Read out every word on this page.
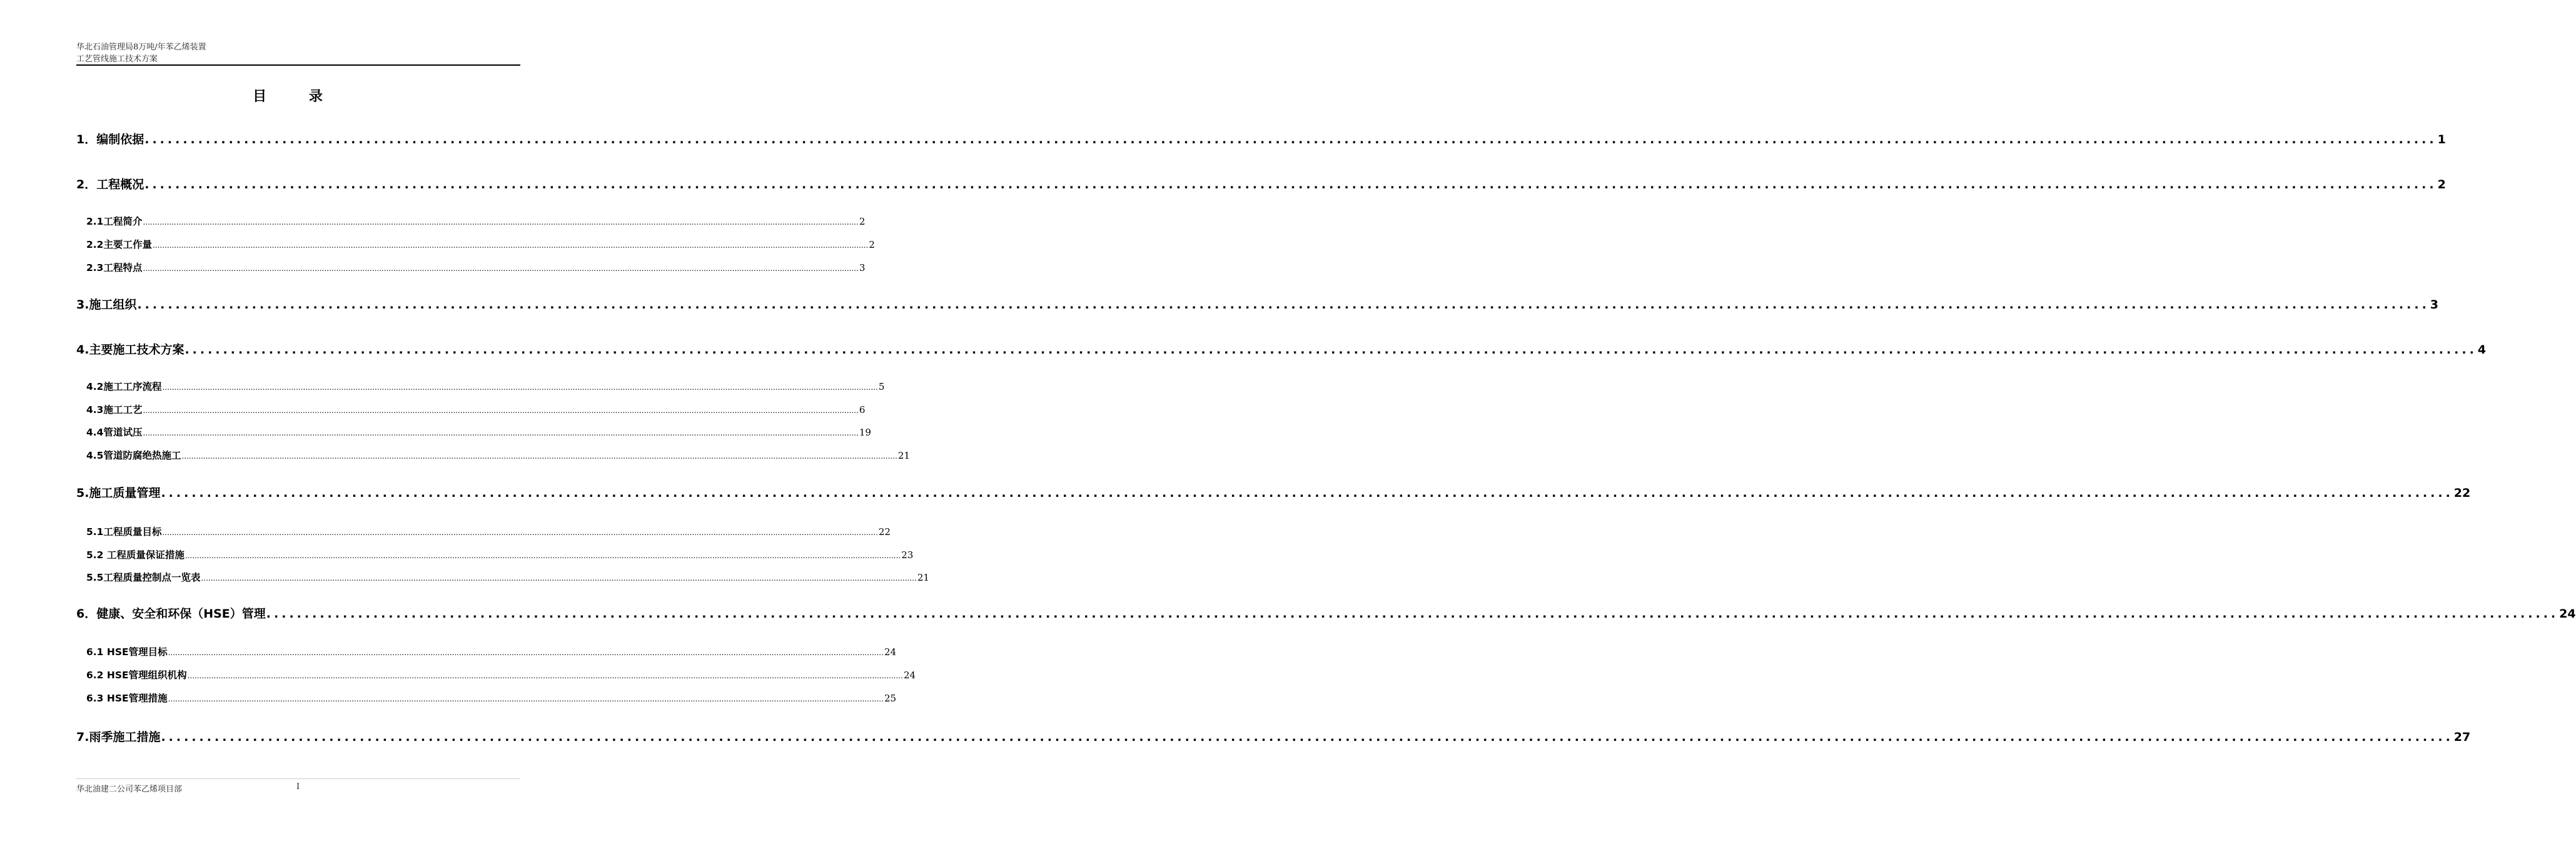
华北石油管理局8万吨/年苯乙烯装置
工艺管线施工技术方案
目 录
1．编制依据 ............................................................................................................................................................................................................................................................................................................ 1
2．工程概况 ............................................................................................................................................................................................................................................................................................................ 2
2.1工程简介 ............................................................................................................................................................................................................................................................................................................ 2
2.2主要工作量 ............................................................................................................................................................................................................................................................................................................ 2
2.3工程特点 ............................................................................................................................................................................................................................................................................................................ 3
3.施工组织 ............................................................................................................................................................................................................................................................................................................ 3
4.主要施工技术方案 ............................................................................................................................................................................................................................................................................................................ 4
4.2施工工序流程 ............................................................................................................................................................................................................................................................................................................ 5
4.3施工工艺 ............................................................................................................................................................................................................................................................................................................ 6
4.4管道试压 ............................................................................................................................................................................................................................................................................................................ 19
4.5管道防腐绝热施工 ............................................................................................................................................................................................................................................................................................................ 21
5.施工质量管理 ............................................................................................................................................................................................................................................................................................................ 22
5.1工程质量目标 ............................................................................................................................................................................................................................................................................................................ 22
5.2 工程质量保证措施 ............................................................................................................................................................................................................................................................................................................ 23
5.5工程质量控制点一览表 ............................................................................................................................................................................................................................................................................................................ 21
6．健康、安全和环保（HSE）管理 ............................................................................................................................................................................................................................................................................................................ 24
6.1 HSE管理目标 ............................................................................................................................................................................................................................................................................................................ 24
6.2 HSE管理组织机构 ............................................................................................................................................................................................................................................................................................................ 24
6.3 HSE管理措施 ............................................................................................................................................................................................................................................................................................................ 25
7.雨季施工措施 ............................................................................................................................................................................................................................................................................................................ 27
华北油建二公司苯乙烯项目部	I
